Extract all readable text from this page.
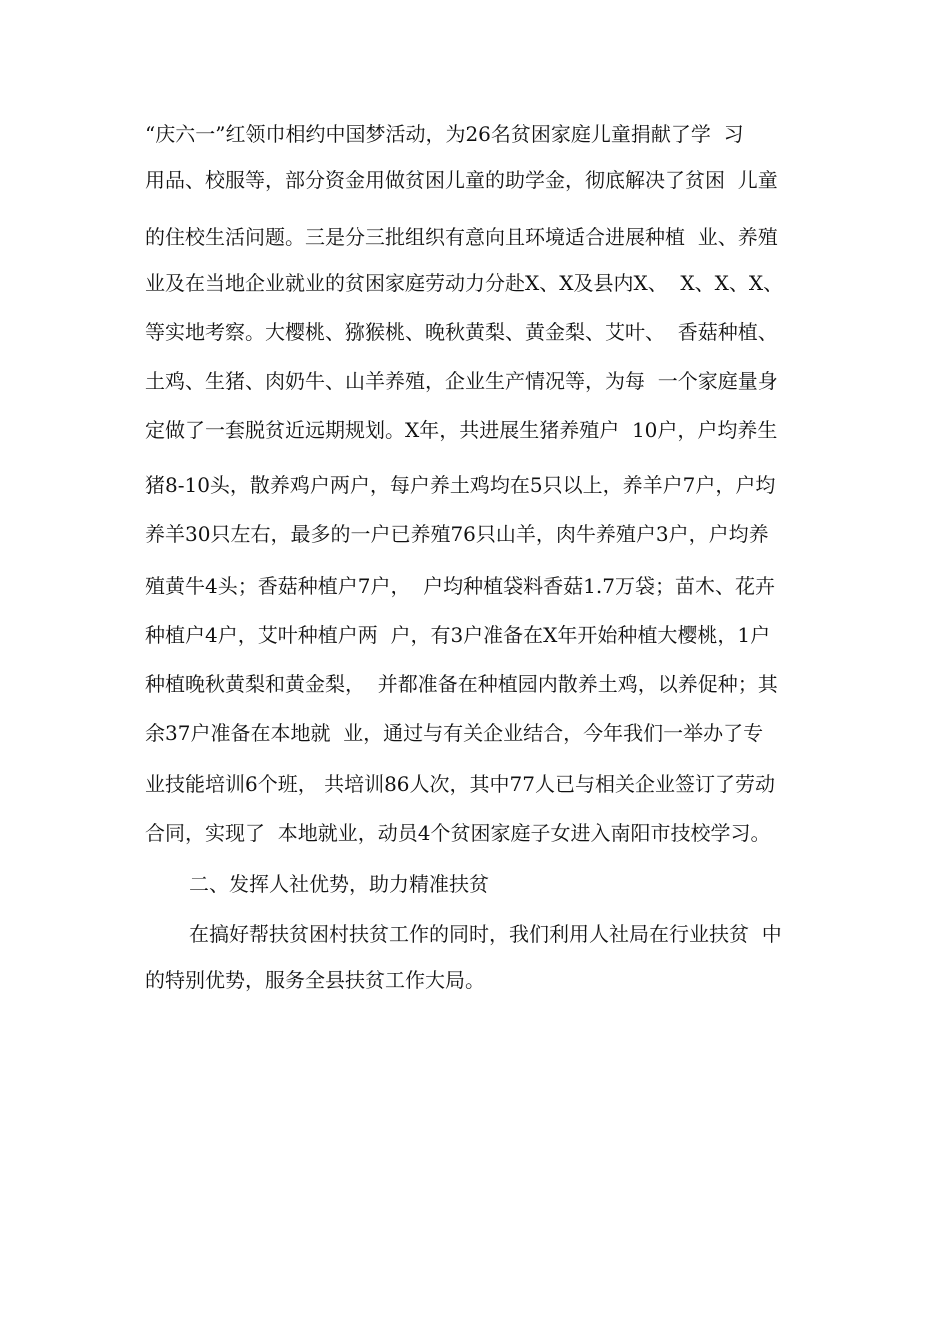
“庆六一”红领巾相约中国梦活动，为26名贫困家庭儿童捐献了学  习
用品、校服等，部分资金用做贫困儿童的助学金，彻底解决了贫困  儿童
的住校生活问题。三是分三批组织有意向且环境适合进展种植  业、养殖
业及在当地企业就业的贫困家庭劳动力分赴X、X及县内X、  X、X、X、
等实地考察。大樱桃、猕猴桃、晚秋黄梨、黄金梨、艾叶、  香菇种植、
土鸡、生猪、肉奶牛、山羊养殖，企业生产情况等，为每  一个家庭量身
定做了一套脱贫近远期规划。X年，共进展生猪养殖户  10户，户均养生
猪8-10头，散养鸡户两户，每户养土鸡均在5只以上，养羊户7户，户均
养羊30只左右，最多的一户已养殖76只山羊，肉牛养殖户3户，户均养
殖黄牛4头；香菇种植户7户，  户均种植袋料香菇1.7万袋；苗木、花卉
种植户4户，艾叶种植户两  户，有3户准备在X年开始种植大樱桃，1户
种植晚秋黄梨和黄金梨，  并都准备在种植园内散养土鸡，以养促种；其
余37户准备在本地就  业，通过与有关企业结合，今年我们一举办了专
业技能培训6个班， 共培训86人次，其中77人已与相关企业签订了劳动
合同，实现了  本地就业，动员4个贫困家庭子女进入南阳市技校学习。
二、发挥人社优势，助力精准扶贫
在搞好帮扶贫困村扶贫工作的同时，我们利用人社局在行业扶贫  中
的特别优势，服务全县扶贫工作大局。
